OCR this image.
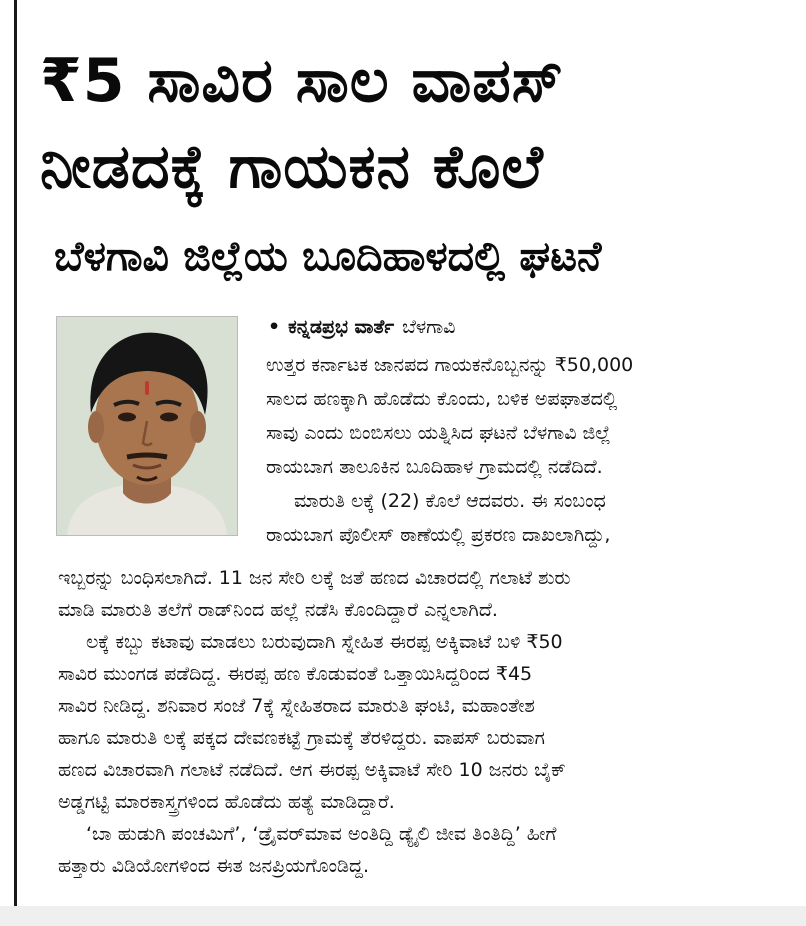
₹5 ಸಾವಿರ ಸಾಲ ವಾಪಸ್
ನೀಡದಕ್ಕೆ ಗಾಯಕನ ಕೊಲೆ
ಬೆಳಗಾವಿ ಜಿಲ್ಲೆಯ ಬೂದಿಹಾಳದಲ್ಲಿ ಘಟನೆ
• ಕನ್ನಡಪ್ರಭ ವಾರ್ತೆ ಬೆಳಗಾವಿ
ಉತ್ತರ ಕರ್ನಾಟಕ ಜಾನಪದ ಗಾಯಕನೊಬ್ಬನನ್ನು ₹50,000
ಸಾಲದ ಹಣಕ್ಕಾಗಿ ಹೊಡೆದು ಕೊಂದು, ಬಳಿಕ ಅಪಘಾತದಲ್ಲಿ
ಸಾವು ಎಂದು ಬಿಂಬಿಸಲು ಯತ್ನಿಸಿದ ಘಟನೆ ಬೆಳಗಾವಿ ಜಿಲ್ಲೆ
ರಾಯಬಾಗ ತಾಲೂಕಿನ ಬೂದಿಹಾಳ ಗ್ರಾಮದಲ್ಲಿ ನಡೆದಿದೆ.
ಮಾರುತಿ ಲಕ್ಕೆ (22) ಕೊಲೆ ಆದವರು. ಈ ಸಂಬಂಧ
ರಾಯಬಾಗ ಪೊಲೀಸ್ ಠಾಣೆಯಲ್ಲಿ ಪ್ರಕರಣ ದಾಖಲಾಗಿದ್ದು,
ಇಬ್ಬರನ್ನು ಬಂಧಿಸಲಾಗಿದೆ. 11 ಜನ ಸೇರಿ ಲಕ್ಕೆ ಜತೆ ಹಣದ ವಿಚಾರದಲ್ಲಿ ಗಲಾಟೆ ಶುರು
ಮಾಡಿ ಮಾರುತಿ ತಲೆಗೆ ರಾಡ್‌ನಿಂದ ಹಲ್ಲೆ ನಡೆಸಿ ಕೊಂದಿದ್ದಾರೆ ಎನ್ನಲಾಗಿದೆ.
ಲಕ್ಕೆ ಕಬ್ಬು ಕಟಾವು ಮಾಡಲು ಬರುವುದಾಗಿ ಸ್ನೇಹಿತ ಈರಪ್ಪ ಅಕ್ಕಿವಾಟೆ ಬಳಿ ₹50
ಸಾವಿರ ಮುಂಗಡ ಪಡೆದಿದ್ದ. ಈರಪ್ಪ ಹಣ ಕೊಡುವಂತೆ ಒತ್ತಾಯಿಸಿದ್ದರಿಂದ ₹45
ಸಾವಿರ ನೀಡಿದ್ದ. ಶನಿವಾರ ಸಂಜೆ 7ಕ್ಕೆ ಸ್ನೇಹಿತರಾದ ಮಾರುತಿ ಘಂಟಿ, ಮಹಾಂತೇಶ
ಹಾಗೂ ಮಾರುತಿ ಲಕ್ಕೆ ಪಕ್ಕದ ದೇವಣಕಟ್ಟೆ ಗ್ರಾಮಕ್ಕೆ ತೆರಳಿದ್ದರು. ವಾಪಸ್ ಬರುವಾಗ
ಹಣದ ವಿಚಾರವಾಗಿ ಗಲಾಟೆ ನಡೆದಿದೆ. ಆಗ ಈರಪ್ಪ ಅಕ್ಕಿವಾಟೆ ಸೇರಿ 10 ಜನರು ಬೈಕ್
ಅಡ್ಡಗಟ್ಟಿ ಮಾರಕಾಸ್ತ್ರಗಳಿಂದ ಹೊಡೆದು ಹತ್ಯೆ ಮಾಡಿದ್ದಾರೆ.
‘ಬಾ ಹುಡುಗಿ ಪಂಚಮಿಗೆ’, ‘ಡ್ರೈವರ್‌ಮಾವ ಅಂತಿದ್ದಿ ಡ್ಯೈಲಿ ಜೀವ ತಿಂತಿದ್ದಿ’ ಹೀಗೆ
ಹತ್ತಾರು ವಿಡಿಯೋಗಳಿಂದ ಈತ ಜನಪ್ರಿಯಗೊಂಡಿದ್ದ.
